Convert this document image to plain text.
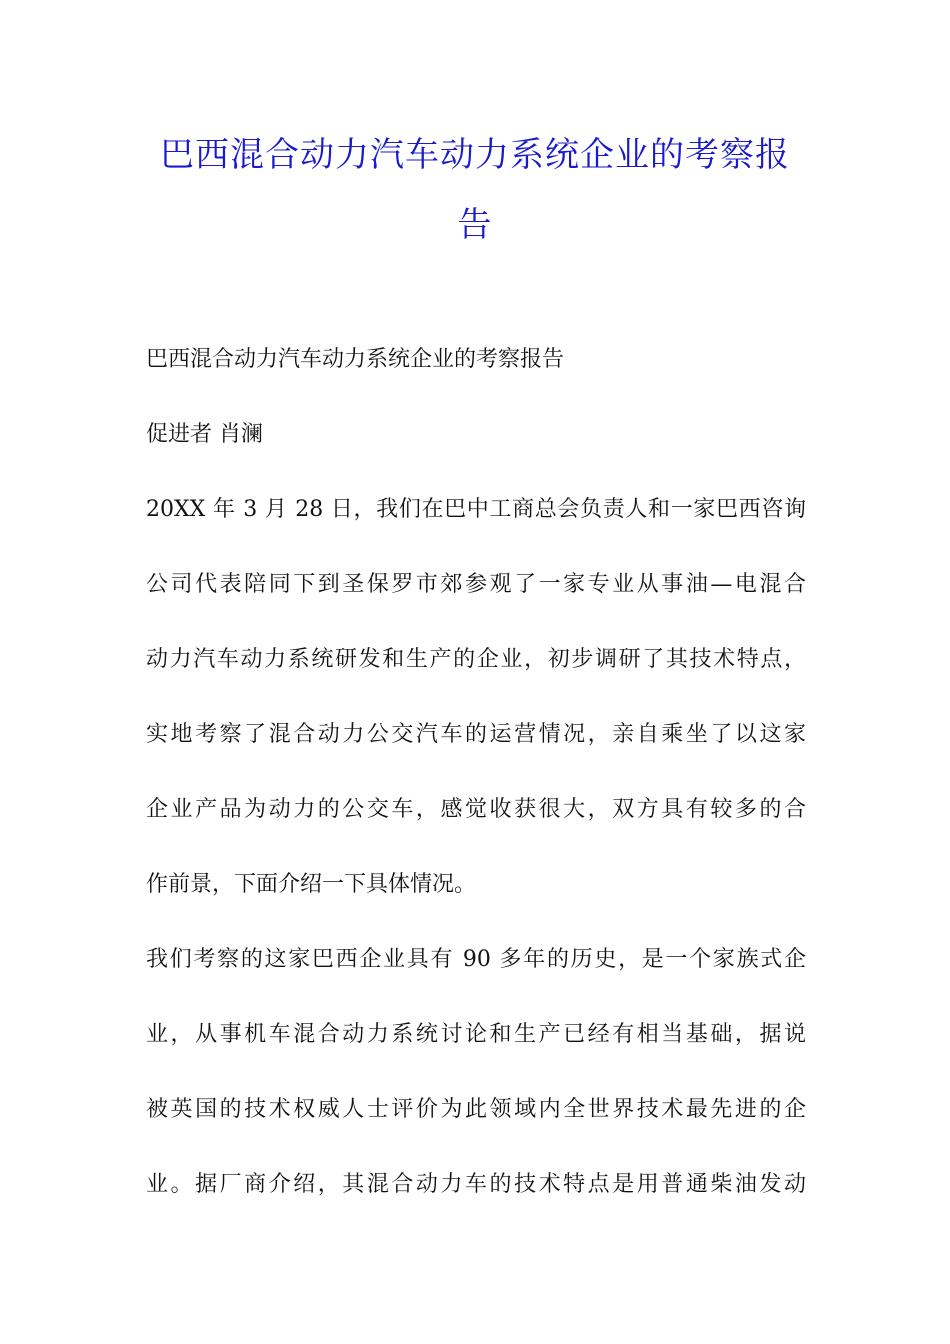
巴西混合动力汽车动力系统企业的考察报
告
巴西混合动力汽车动力系统企业的考察报告
促进者 肖澜
20XX 年 3 月 28 日，我们在巴中工商总会负责人和一家巴西咨询
公司代表陪同下到圣保罗市郊参观了一家专业从事油—电混合
动力汽车动力系统研发和生产的企业，初步调研了其技术特点，
实地考察了混合动力公交汽车的运营情况，亲自乘坐了以这家
企业产品为动力的公交车，感觉收获很大，双方具有较多的合
作前景，下面介绍一下具体情况。
我们考察的这家巴西企业具有 90 多年的历史，是一个家族式企
业，从事机车混合动力系统讨论和生产已经有相当基础，据说
被英国的技术权威人士评价为此领域内全世界技术最先进的企
业。据厂商介绍，其混合动力车的技术特点是用普通柴油发动
